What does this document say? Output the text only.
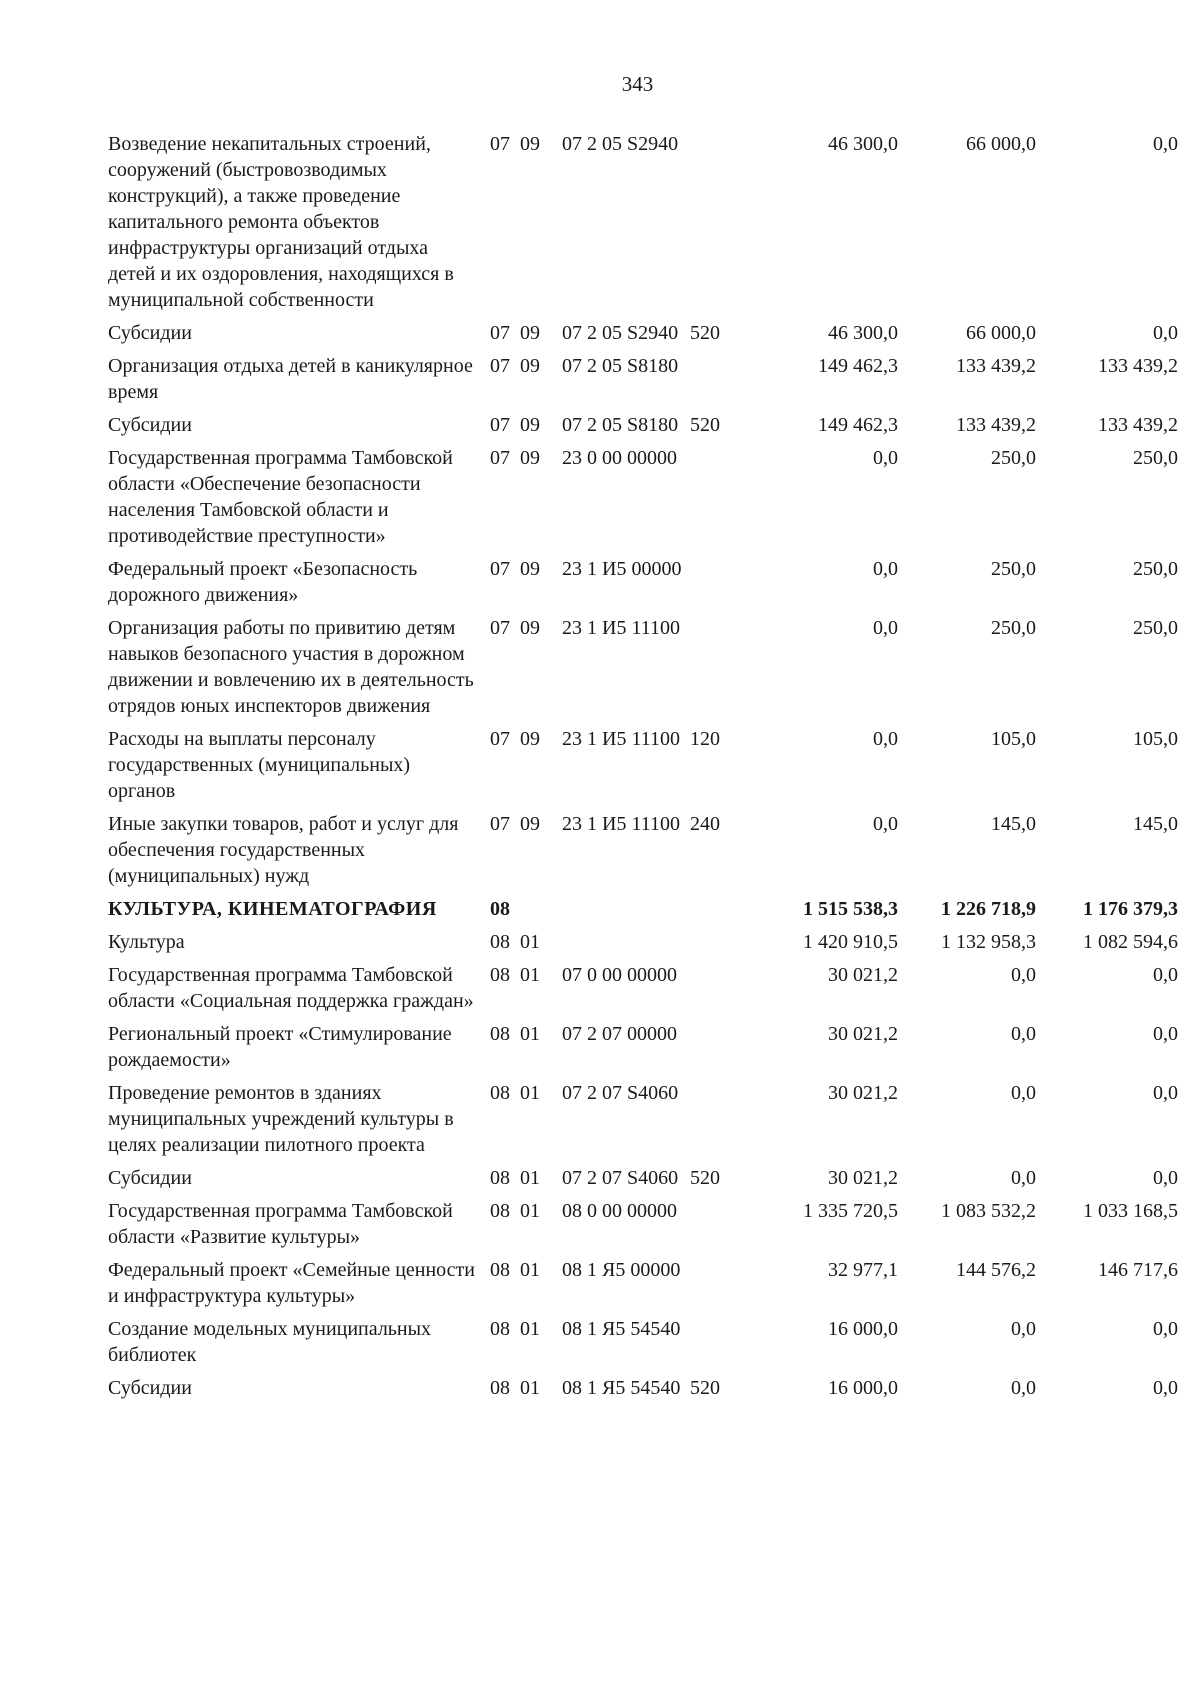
343
Возведение некапитальных строений, сооружений (быстровозводимых конструкций), а также проведение капитального ремонта объектов инфраструктуры организаций отдыха детей и их оздоровления, находящихся в муниципальной собственности	07	09	07 2 05 S2940		46 300,0	66 000,0	0,0
Субсидии	07	09	07 2 05 S2940	520	46 300,0	66 000,0	0,0
Организация отдыха детей в каникулярное время	07	09	07 2 05 S8180		149 462,3	133 439,2	133 439,2
Субсидии	07	09	07 2 05 S8180	520	149 462,3	133 439,2	133 439,2
Государственная программа Тамбовской области «Обеспечение безопасности населения Тамбовской области и противодействие преступности»	07	09	23 0 00 00000		0,0	250,0	250,0
Федеральный проект «Безопасность дорожного движения»	07	09	23 1 И5 00000		0,0	250,0	250,0
Организация работы по привитию детям навыков безопасного участия в дорожном движении и вовлечению их в деятельность отрядов юных инспекторов движения	07	09	23 1 И5 11100		0,0	250,0	250,0
Расходы на выплаты персоналу государственных (муниципальных) органов	07	09	23 1 И5 11100	120	0,0	105,0	105,0
Иные закупки товаров, работ и услуг для обеспечения государственных (муниципальных) нужд	07	09	23 1 И5 11100	240	0,0	145,0	145,0
КУЛЬТУРА, КИНЕМАТОГРАФИЯ	08				1 515 538,3	1 226 718,9	1 176 379,3
Культура	08	01			1 420 910,5	1 132 958,3	1 082 594,6
Государственная программа Тамбовской области «Социальная поддержка граждан»	08	01	07 0 00 00000		30 021,2	0,0	0,0
Региональный проект «Стимулирование рождаемости»	08	01	07 2 07 00000		30 021,2	0,0	0,0
Проведение ремонтов в зданиях муниципальных учреждений культуры в целях реализации пилотного проекта	08	01	07 2 07 S4060		30 021,2	0,0	0,0
Субсидии	08	01	07 2 07 S4060	520	30 021,2	0,0	0,0
Государственная программа Тамбовской области «Развитие культуры»	08	01	08 0 00 00000		1 335 720,5	1 083 532,2	1 033 168,5
Федеральный проект «Семейные ценности и инфраструктура культуры»	08	01	08 1 Я5 00000		32 977,1	144 576,2	146 717,6
Создание модельных муниципальных библиотек	08	01	08 1 Я5 54540		16 000,0	0,0	0,0
Субсидии	08	01	08 1 Я5 54540	520	16 000,0	0,0	0,0
